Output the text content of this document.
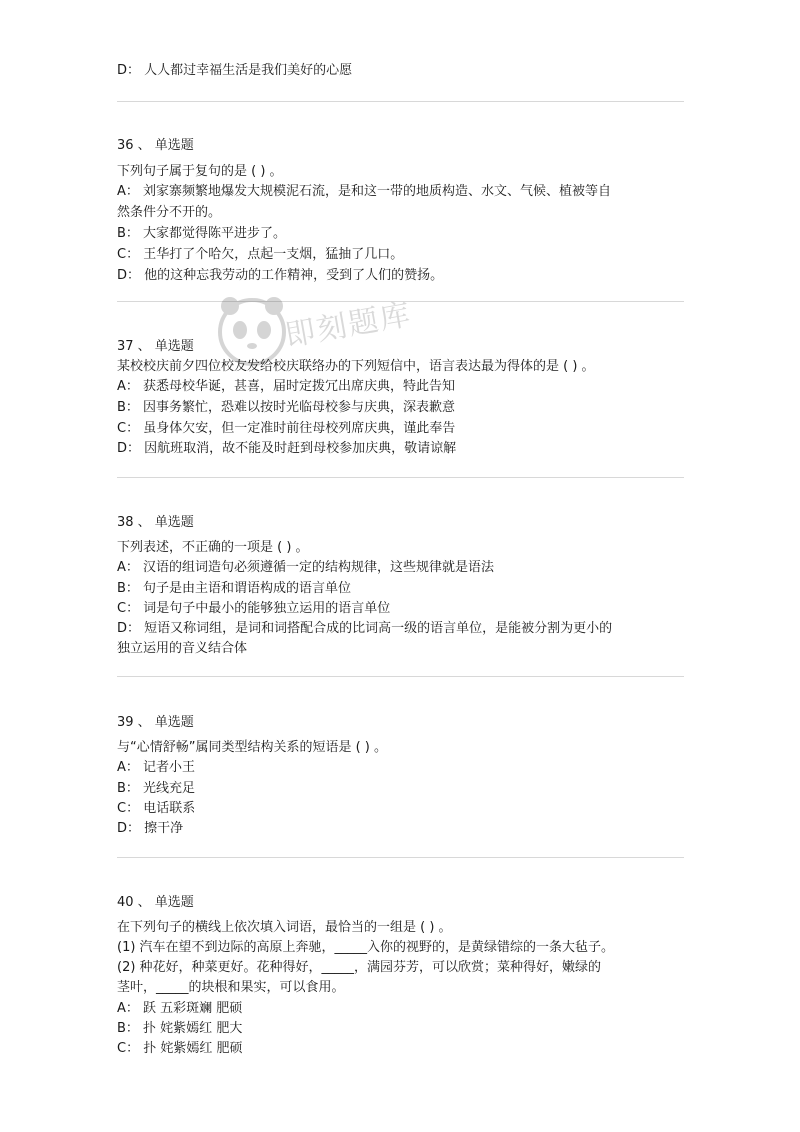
D： 人人都过幸福生活是我们美好的心愿
36 、 单选题
下列句子属于复句的是 ( ) 。
A： 刘家寨频繁地爆发大规模泥石流，是和这一带的地质构造、水文、气候、植被等自
然条件分不开的。
B： 大家都觉得陈平进步了。
C： 王华打了个哈欠，点起一支烟，猛抽了几口。
D： 他的这种忘我劳动的工作精神，受到了人们的赞扬。
即刻题库
37 、 单选题
某校校庆前夕四位校友发给校庆联络办的下列短信中，语言表达最为得体的是 ( ) 。
A： 获悉母校华诞，甚喜，届时定拨冗出席庆典，特此告知
B： 因事务繁忙，恐难以按时光临母校参与庆典，深表歉意
C： 虽身体欠安，但一定准时前往母校列席庆典，谨此奉告
D： 因航班取消，故不能及时赶到母校参加庆典，敬请谅解
38 、 单选题
下列表述，不正确的一项是 ( ) 。
A： 汉语的组词造句必须遵循一定的结构规律，这些规律就是语法
B： 句子是由主语和谓语构成的语言单位
C： 词是句子中最小的能够独立运用的语言单位
D： 短语又称词组，是词和词搭配合成的比词高一级的语言单位，是能被分割为更小的
独立运用的音义结合体
39 、 单选题
与“心情舒畅”属同类型结构关系的短语是 ( ) 。
A： 记者小王
B： 光线充足
C： 电话联系
D： 擦干净
40 、 单选题
在下列句子的横线上依次填入词语，最恰当的一组是 ( ) 。
(1) 汽车在望不到边际的高原上奔驰，_____入你的视野的，是黄绿错综的一条大毡子。
(2) 种花好，种菜更好。花种得好，_____，满园芬芳，可以欣赏；菜种得好，嫩绿的
茎叶，_____的块根和果实，可以食用。
A： 跃 五彩斑斓 肥硕
B： 扑 姹紫嫣红 肥大
C： 扑 姹紫嫣红 肥硕
